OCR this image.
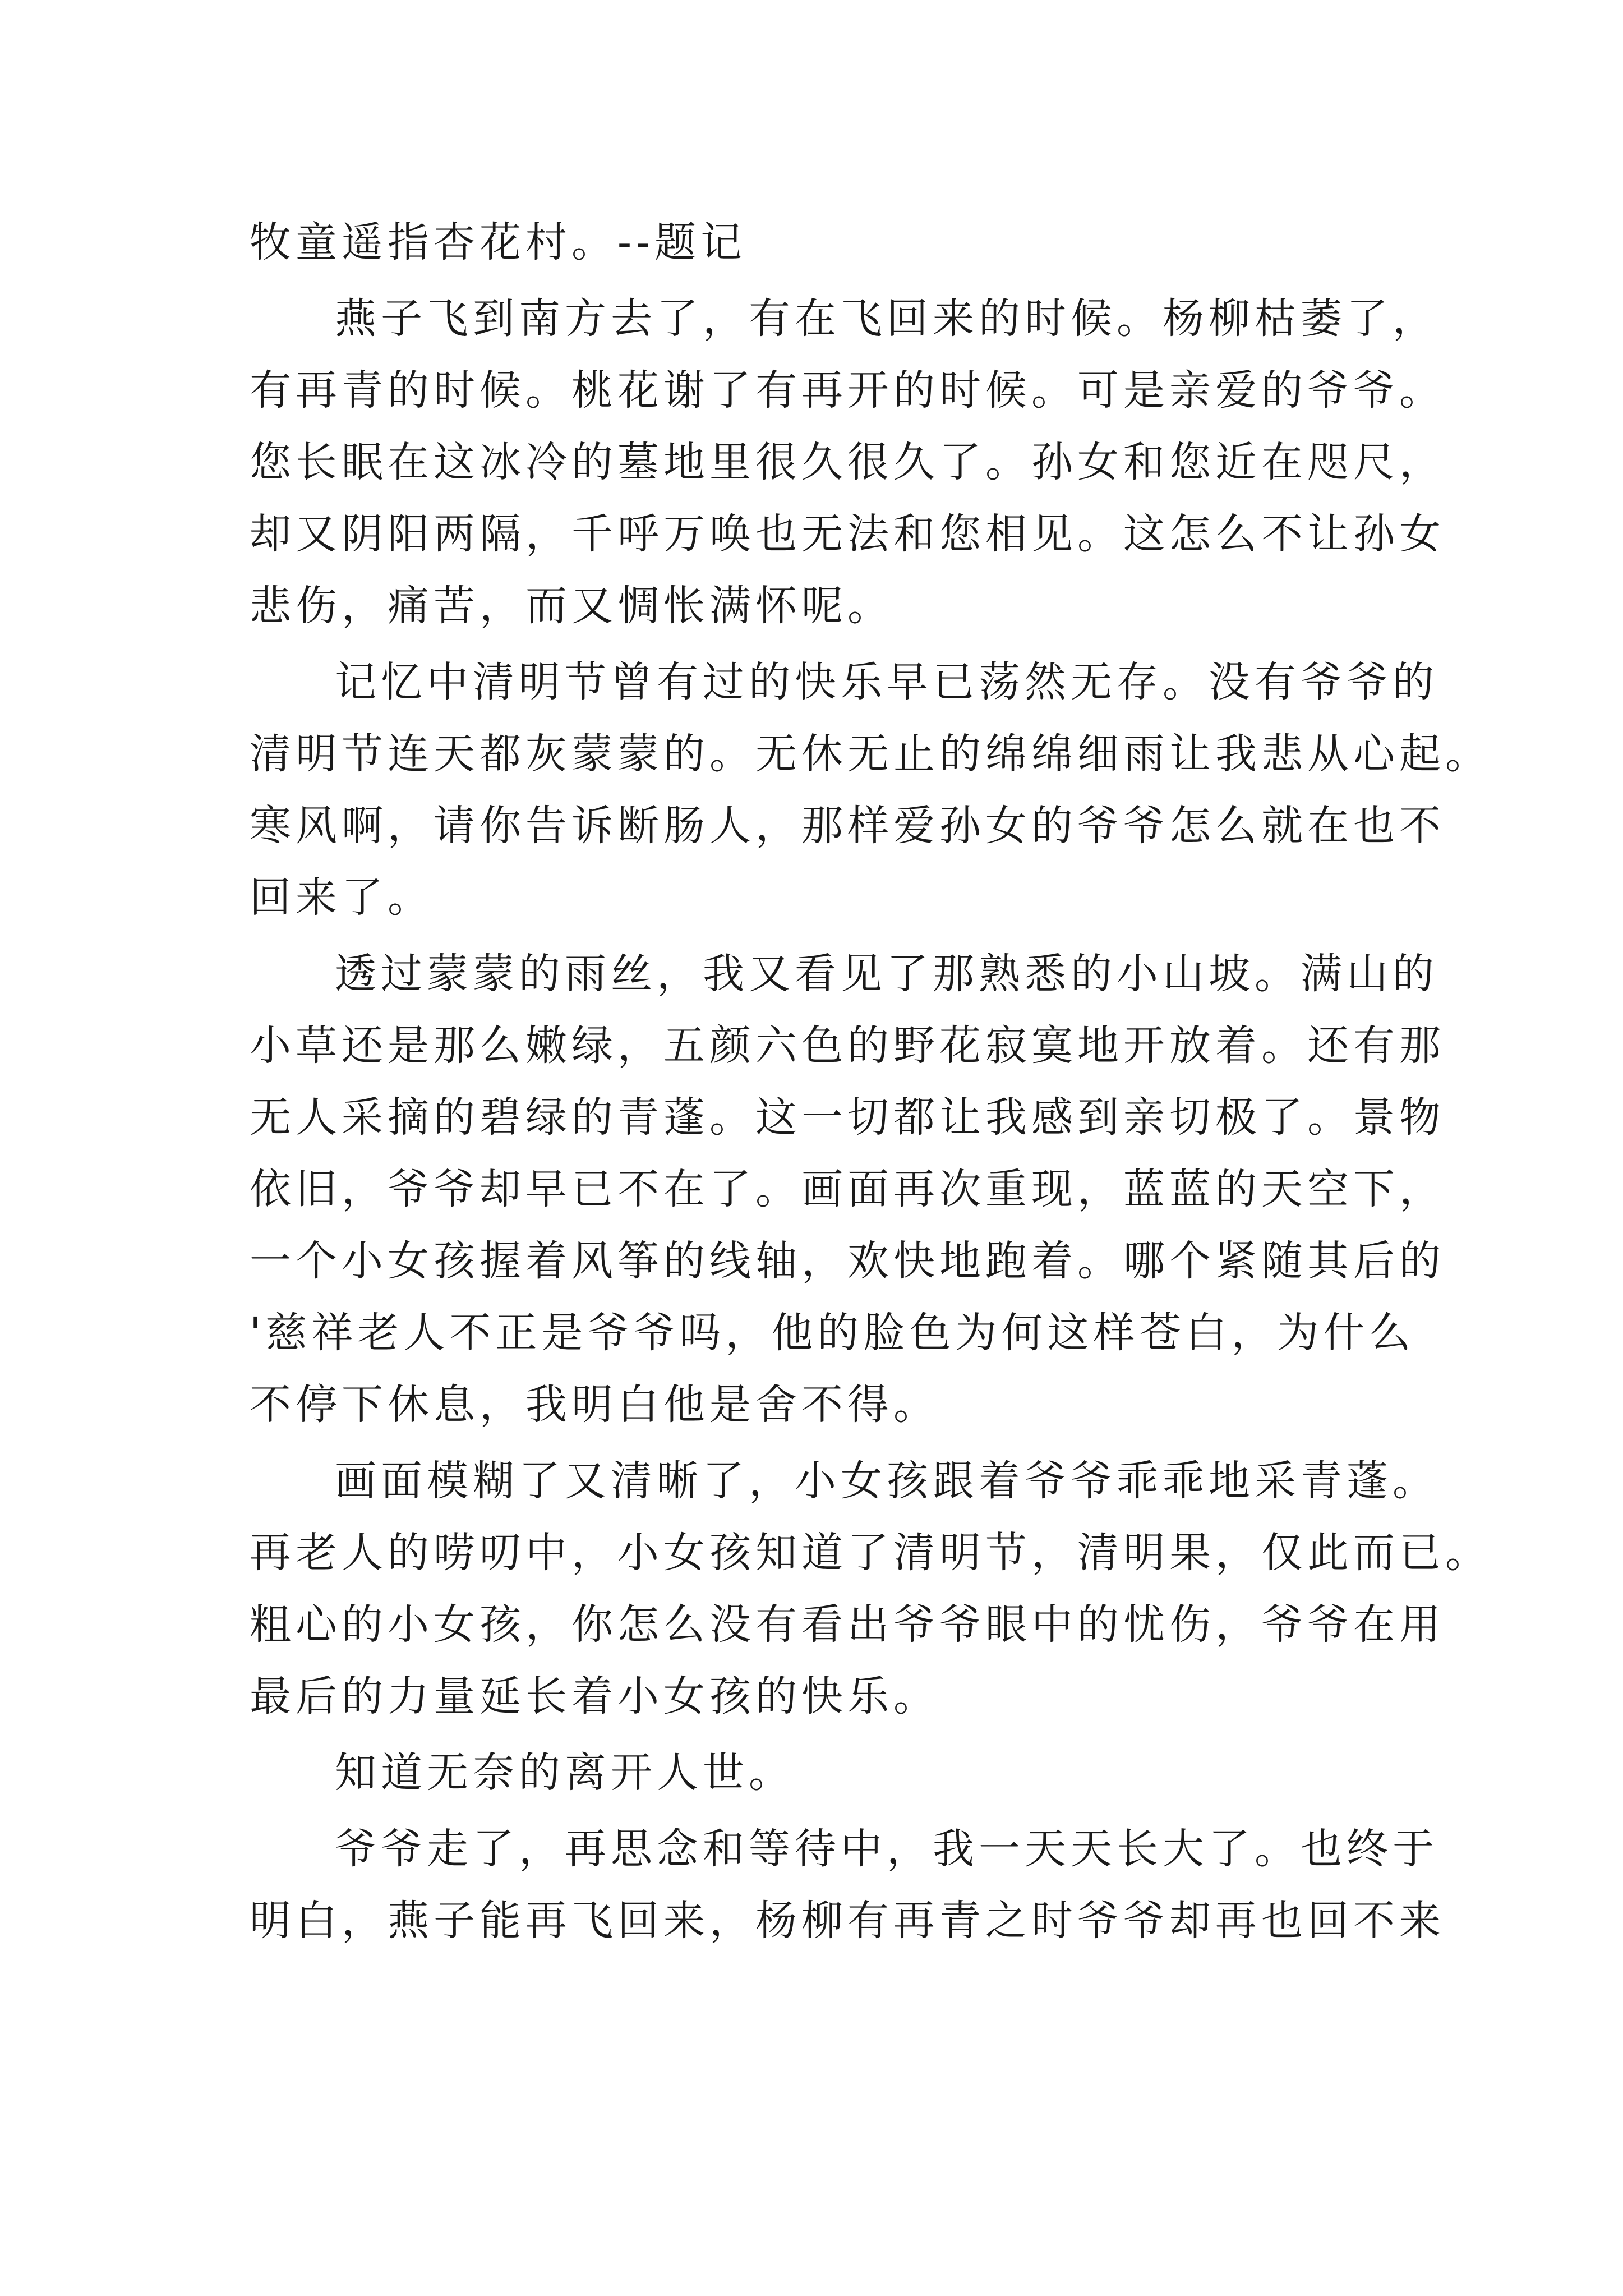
牧童遥指杏花村。--题记
燕子飞到南方去了，有在飞回来的时候。杨柳枯萎了，
有再青的时候。桃花谢了有再开的时候。可是亲爱的爷爷。
您长眠在这冰冷的墓地里很久很久了。孙女和您近在咫尺，
却又阴阳两隔，千呼万唤也无法和您相见。这怎么不让孙女
悲伤，痛苦，而又惆怅满怀呢。
记忆中清明节曾有过的快乐早已荡然无存。没有爷爷的
清明节连天都灰蒙蒙的。无休无止的绵绵细雨让我悲从心起。
寒风啊，请你告诉断肠人，那样爱孙女的爷爷怎么就在也不
回来了。
透过蒙蒙的雨丝，我又看见了那熟悉的小山坡。满山的
小草还是那么嫩绿，五颜六色的野花寂寞地开放着。还有那
无人采摘的碧绿的青蓬。这一切都让我感到亲切极了。景物
依旧，爷爷却早已不在了。画面再次重现，蓝蓝的天空下，
一个小女孩握着风筝的线轴，欢快地跑着。哪个紧随其后的
'慈祥老人不正是爷爷吗，他的脸色为何这样苍白，为什么
不停下休息，我明白他是舍不得。
画面模糊了又清晰了，小女孩跟着爷爷乖乖地采青蓬。
再老人的唠叨中，小女孩知道了清明节，清明果，仅此而已。
粗心的小女孩，你怎么没有看出爷爷眼中的忧伤，爷爷在用
最后的力量延长着小女孩的快乐。
知道无奈的离开人世。
爷爷走了，再思念和等待中，我一天天长大了。也终于
明白，燕子能再飞回来，杨柳有再青之时爷爷却再也回不来
